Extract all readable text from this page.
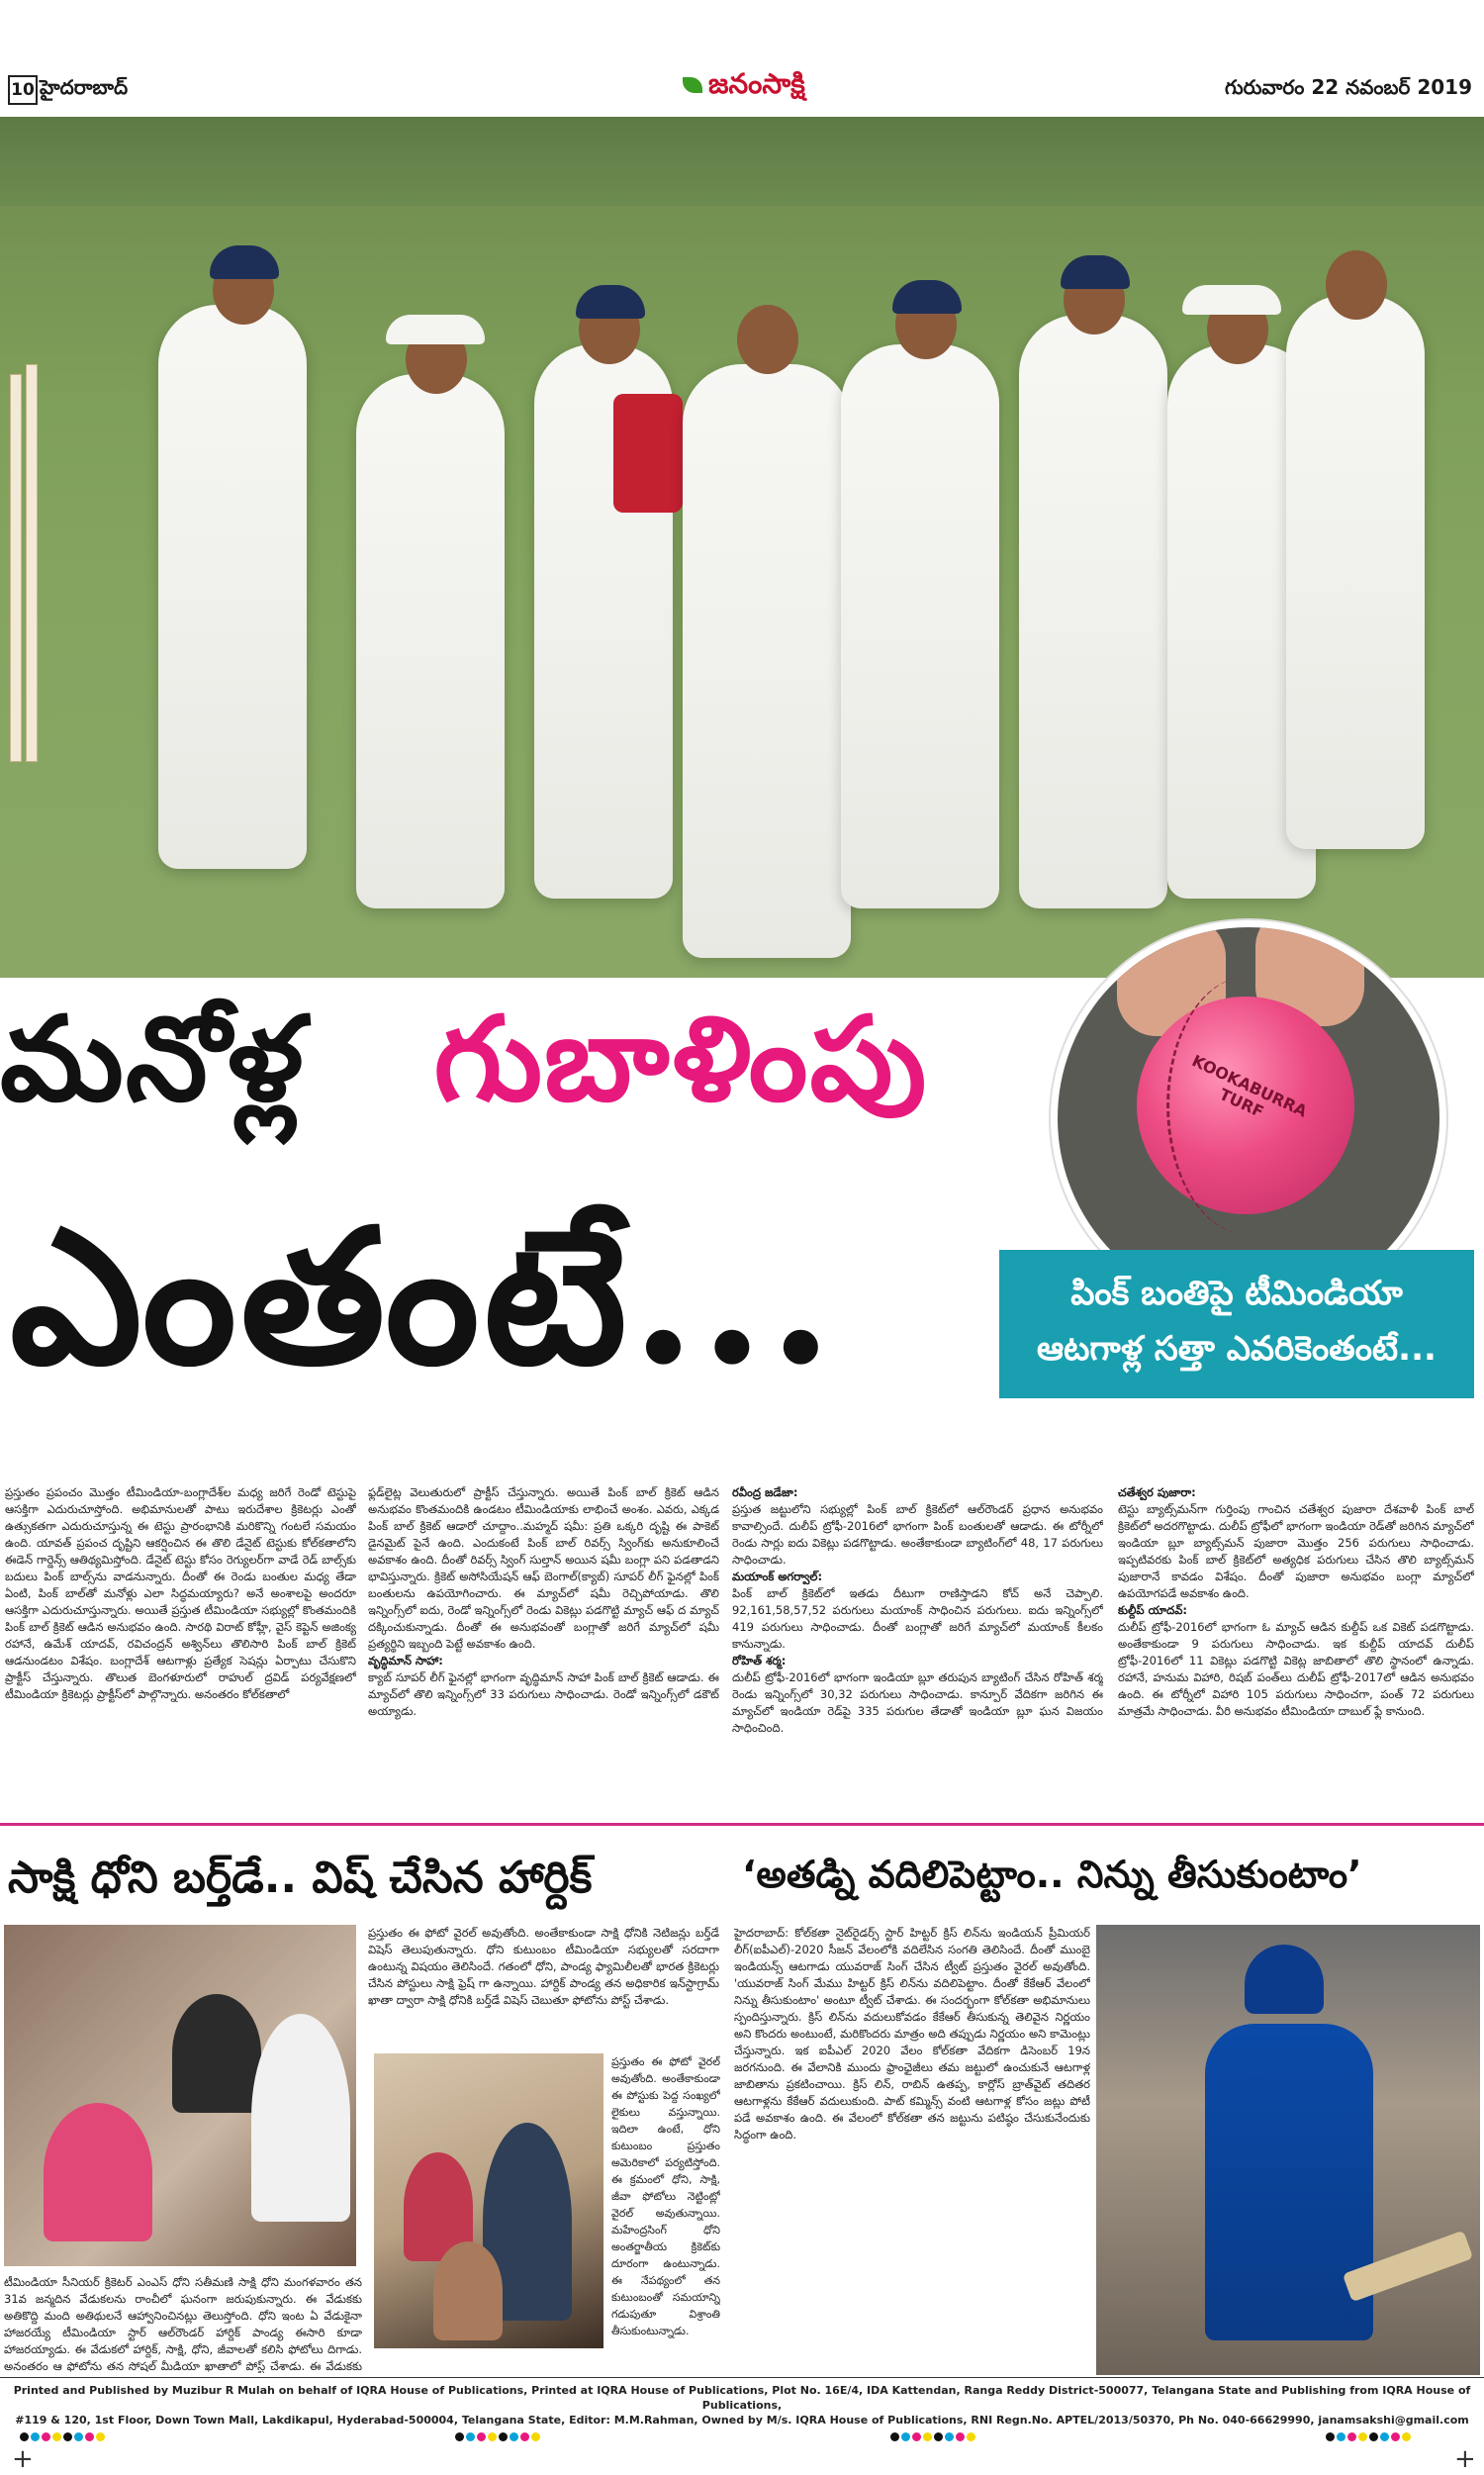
10 హైదరాబాద్	జనంసాక్షి	గురువారం 22 నవంబర్ 2019
KOOKABURRA TURF
మనోళ్ల గుబాళింపు
ఎంతంటే...	పింక్ బంతిపై టీమిండియా
ఆటగాళ్ల సత్తా ఎవరికెంతంటే...
ప్రస్తుతం ప్రపంచం మొత్తం టీమిండియా-బంగ్లాదేశ్‌ల మధ్య జరిగే రెండో టెస్టుపై ఆసక్తిగా ఎదురుచూస్తోంది. అభిమానులతో పాటు ఇరుదేశాల క్రికెటర్లు ఎంతో ఉత్సుకతగా ఎదురుచూస్తున్న ఈ టెస్టు ప్రారంభానికి మరికొన్ని గంటలే సమయం ఉంది. యావత్ ప్రపంచ దృష్టిని ఆకర్షించిన ఈ తొలి డేనైట్ టెస్టుకు కోల్‌కతాలోని ఈడెన్ గార్డెన్స్ ఆతిథ్యమిస్తోంది. డేనైట్ టెస్టు కోసం రెగ్యులర్‌గా వాడే రెడ్ బాల్స్‌కు బదులు పింక్ బాల్స్‌ను వాడనున్నారు. దీంతో ఈ రెండు బంతుల మధ్య తేడా ఏంటి, పింక్ బాల్‌తో మనోళ్లు ఎలా సిద్ధమయ్యారు? అనే అంశాలపై అందరూ ఆసక్తిగా ఎదురుచూస్తున్నారు. అయితే ప్రస్తుత టీమిండియా సభ్యుల్లో కొంతమందికి పింక్ బాల్ క్రికెట్ ఆడిన అనుభవం ఉంది. సారథి విరాట్ కోహ్లీ, వైస్ కెప్టెన్ అజింక్య రహానే, ఉమేశ్ యాదవ్, రవిచంద్రన్ అశ్విన్‌లు తొలిసారి పింక్ బాల్ క్రికెట్ ఆడనుండటం విశేషం. బంగ్లాదేశ్ ఆటగాళ్లు ప్రత్యేక సెషన్లు ఏర్పాటు చేసుకొని ప్రాక్టీస్ చేస్తున్నారు. తొలుత బెంగళూరులో రాహుల్ ద్రవిడ్ పర్యవేక్షణలో టీమిండియా క్రికెటర్లు ప్రాక్టీస్‌లో పాల్గొన్నారు. అనంతరం కోల్‌కతాలో
ఫ్లడ్‌లైట్ల వెలుతురులో ప్రాక్టీస్ చేస్తున్నారు. అయితే పింక్ బాల్ క్రికెట్ ఆడిన అనుభవం కొంతమందికి ఉండటం టీమిండియాకు లాభించే అంశం. ఎవరు, ఎక్కడ పింక్ బాల్ క్రికెట్ ఆడారో చూద్దాం..మహ్మద్ షమీ: ప్రతి ఒక్కరి దృష్టి ఈ పాకెట్ డైనమైట్ పైనే ఉంది. ఎందుకంటే పింక్ బాల్ రివర్స్ స్వింగ్‌కు అనుకూలించే అవకాశం ఉంది. దీంతో రివర్స్ స్వింగ్ సుల్తాన్ అయిన షమీ బంగ్లా పని పడతాడని భావిస్తున్నారు. క్రికెట్ అసోసియేషన్ ఆఫ్ బెంగాల్(క్యాబ్) సూపర్ లీగ్ ఫైనల్లో పింక్ బంతులను ఉపయోగించారు. ఈ మ్యాచ్‌లో షమీ రెచ్చిపోయాడు. తొలి ఇన్నింగ్స్‌లో ఐదు, రెండో ఇన్నింగ్స్‌లో రెండు వికెట్లు పడగొట్టి మ్యాచ్ ఆఫ్ ద మ్యాచ్ దక్కించుకున్నాడు. దీంతో ఈ అనుభవంతో బంగ్లాతో జరిగే మ్యాచ్‌లో షమీ ప్రత్యర్థిని ఇబ్బంది పెట్టే అవకాశం ఉంది.
వృద్ధిమాన్ సాహా:
క్యాబ్ సూపర్ లీగ్ ఫైనల్లో భాగంగా వృద్ధిమాన్ సాహా పింక్ బాల్ క్రికెట్ ఆడాడు. ఈ మ్యాచ్‌లో తొలి ఇన్నింగ్స్‌లో 33 పరుగులు సాధించాడు. రెండో ఇన్నింగ్స్‌లో డకౌట్ అయ్యాడు.
రవీంద్ర జడేజా:
ప్రస్తుత జట్టులోని సభ్యుల్లో పింక్ బాల్ క్రికెట్‌లో ఆల్‌రౌండర్ ప్రధాన అనుభవం కావాల్సిందే. దులీప్ ట్రోఫీ-2016లో భాగంగా పింక్ బంతులతో ఆడాడు. ఈ టోర్నీలో రెండు సార్లు ఐదు వికెట్లు పడగొట్టాడు. అంతేకాకుండా బ్యాటింగ్‌లో 48, 17 పరుగులు సాధించాడు.
మయాంక్ అగర్వాల్:
పింక్ బాల్ క్రికెట్‌లో ఇతడు దీటుగా రాణిస్తాడని కోచ్ అనే చెప్పాలి. 92,161,58,57,52 పరుగులు మయాంక్ సాధించిన పరుగులు. ఐదు ఇన్నింగ్స్‌లో 419 పరుగులు సాధించాడు. దీంతో బంగ్లాతో జరిగే మ్యాచ్‌లో మయాంక్ కీలకం కానున్నాడు.
రోహిత్ శర్మ:
దులీప్ ట్రోఫీ-2016లో భాగంగా ఇండియా బ్లూ తరుపున బ్యాటింగ్ చేసిన రోహిత్ శర్మ రెండు ఇన్నింగ్స్‌లో 30,32 పరుగులు సాధించాడు. కాన్పూర్ వేదికగా జరిగిన ఈ మ్యాచ్‌లో ఇండియా రెడ్‌పై 335 పరుగుల తేడాతో ఇండియా బ్లూ ఘన విజయం సాధించింది.
చతేశ్వర పుజారా:
టెస్టు బ్యాట్స్‌మన్‌గా గుర్తింపు గాంచిన చతేశ్వర పుజారా దేశవాళీ పింక్ బాల్ క్రికెట్‌లో అదరగొట్టాడు. దులీప్ ట్రోఫీలో భాగంగా ఇండియా రెడ్‌తో జరిగిన మ్యాచ్‌లో ఇండియా బ్లూ బ్యాట్స్‌మన్ పుజారా మొత్తం 256 పరుగులు సాధించాడు. ఇప్పటివరకు పింక్ బాల్ క్రికెట్‌లో అత్యధిక పరుగులు చేసిన తొలి బ్యాట్స్‌మన్ పుజారానే కావడం విశేషం. దీంతో పుజారా అనుభవం బంగ్లా మ్యాచ్‌లో ఉపయోగపడే అవకాశం ఉంది.
కుల్దీప్ యాదవ్:
దులీప్ ట్రోఫీ-2016లో భాగంగా ఓ మ్యాచ్ ఆడిన కుల్దీప్ ఒక వికెట్ పడగొట్టాడు. అంతేకాకుండా 9 పరుగులు సాధించాడు. ఇక కుల్దీప్ యాదవ్ దులీప్ ట్రోఫీ-2016లో 11 వికెట్లు పడగొట్టి వికెట్ల జాబితాలో తొలి స్థానంలో ఉన్నాడు. రహానే, హనుమ విహారి, రిషబ్ పంత్‌లు దులీప్ ట్రోఫీ-2017లో ఆడిన అనుభవం ఉంది. ఈ టోర్నీలో విహారి 105 పరుగులు సాధించగా, పంత్ 72 పరుగులు మాత్రమే సాధించాడు. వీరి అనుభవం టీమిండియా దాబుల్ ఫ్లే కానుంది.
సాక్షి ధోని బర్త్‌డే.. విష్ చేసిన హార్దిక్
ప్రస్తుతం ఈ ఫోటో వైరల్ అవుతోంది. అంతేకాకుండా సాక్షి ధోనికి నెటిజన్లు బర్త్‌డే విషెస్ తెలుపుతున్నారు. ధోని కుటుంబం టీమిండియా సభ్యులతో సరదాగా ఉంటున్న విషయం తెలిసిందే. గతంలో ధోని, పాండ్య ఫ్యామిలీలతో భారత క్రికెటర్లు చేసిన పోస్టులు సాక్షి ఫ్రెష్ గా ఉన్నాయి. హార్దిక్ పాండ్య తన అధికారిక ఇన్‌స్టాగ్రామ్ ఖాతా ద్వారా సాక్షి ధోనికి బర్త్‌డే విషెస్ చెబుతూ ఫోటోను పోస్ట్ చేశాడు.
ప్రస్తుతం ఈ ఫోటో వైరల్ అవుతోంది. అంతేకాకుండా ఈ పోస్టుకు పెద్ద సంఖ్యలో లైకులు వస్తున్నాయి. ఇదిలా ఉంటే, ధోని కుటుంబం ప్రస్తుతం అమెరికాలో పర్యటిస్తోంది. ఈ క్రమంలో ధోని, సాక్షి, జీవా ఫోటోలు నెట్టింట్లో వైరల్ అవుతున్నాయి. మహేంద్రసింగ్ ధోని అంతర్జాతీయ క్రికెట్‌కు దూరంగా ఉంటున్నాడు. ఈ నేపథ్యంలో తన కుటుంబంతో సమయాన్ని గడుపుతూ విశ్రాంతి తీసుకుంటున్నాడు.
టీమిండియా సీనియర్ క్రికెటర్ ఎంఎస్ ధోని సతీమణి సాక్షి ధోని మంగళవారం తన 31వ జన్మదిన వేడుకలను రాంచీలో ఘనంగా జరుపుకున్నారు. ఈ వేడుకకు అతికొద్ది మంది అతిథులనే ఆహ్వానించినట్లు తెలుస్తోంది. ధోని ఇంట ఏ వేడుకైనా హాజరయ్యే టీమిండియా స్టార్ ఆల్‌రౌండర్ హార్దిక్ పాండ్య ఈసారి కూడా హాజరయ్యాడు. ఈ వేడుకలో హార్దిక్, సాక్షి, ధోని, జీవాలతో కలిసి ఫోటోలు దిగాడు. అనంతరం ఆ ఫోటోను తన సోషల్ మీడియా ఖాతాలో పోస్ట్ చేశాడు. ఈ వేడుకకు
‘అతడ్ని వదిలిపెట్టాం.. నిన్ను తీసుకుంటాం’
హైదరాబాద్: కోల్‌కతా నైట్‌రైడర్స్ స్టార్ హిట్టర్ క్రిస్ లిన్‌ను ఇండియన్ ప్రీమియర్ లీగ్(ఐపీఎల్)-2020 సీజన్ వేలంలోకి వదిలేసిన సంగతి తెలిసిందే. దీంతో ముంబై ఇండియన్స్ ఆటగాడు యువరాజ్ సింగ్ చేసిన ట్వీట్ ప్రస్తుతం వైరల్ అవుతోంది. 'యువరాజ్ సింగ్ మేము హిట్టర్ క్రిస్ లిన్‌ను వదిలిపెట్టాం. దీంతో కేకేఆర్ వేలంలో నిన్ను తీసుకుంటాం' అంటూ ట్వీట్ చేశాడు. ఈ సందర్భంగా కోల్‌కతా అభిమానులు స్పందిస్తున్నారు. క్రిస్ లిన్‌ను వదులుకోవడం కేకేఆర్ తీసుకున్న తెలివైన నిర్ణయం అని కొందరు అంటుంటే, మరికొందరు మాత్రం అది తప్పుడు నిర్ణయం అని కామెంట్లు చేస్తున్నారు. ఇక ఐపీఎల్ 2020 వేలం కోల్‌కతా వేదికగా డిసెంబర్ 19న జరగనుంది. ఈ వేలానికి ముందు ఫ్రాంఛైజీలు తమ జట్టులో ఉంచుకునే ఆటగాళ్ల జాబితాను ప్రకటించాయి. క్రిస్ లిన్, రాబిన్ ఉతప్ప, కార్లోస్ బ్రాత్‌వైట్ తదితర ఆటగాళ్లను కేకేఆర్ వదులుకుంది. పాట్ కమ్మిన్స్ వంటి ఆటగాళ్ల కోసం జట్లు పోటీ పడే అవకాశం ఉంది. ఈ వేలంలో కోల్‌కతా తన జట్టును పటిష్ఠం చేసుకునేందుకు సిద్ధంగా ఉంది.
Printed and Published by Muzibur R Mulah on behalf of IQRA House of Publications, Printed at IQRA House of Publications, Plot No. 16E/4, IDA Kattendan, Ranga Reddy District-500077, Telangana State and Publishing from IQRA House of Publications,
#119 & 120, 1st Floor, Down Town Mall, Lakdikapul, Hyderabad-500004, Telangana State, Editor: M.M.Rahman, Owned by M/s. IQRA House of Publications, RNI Regn.No. APTEL/2013/50370, Ph No. 040-66629990, janamsakshi@gmail.com
+	+
